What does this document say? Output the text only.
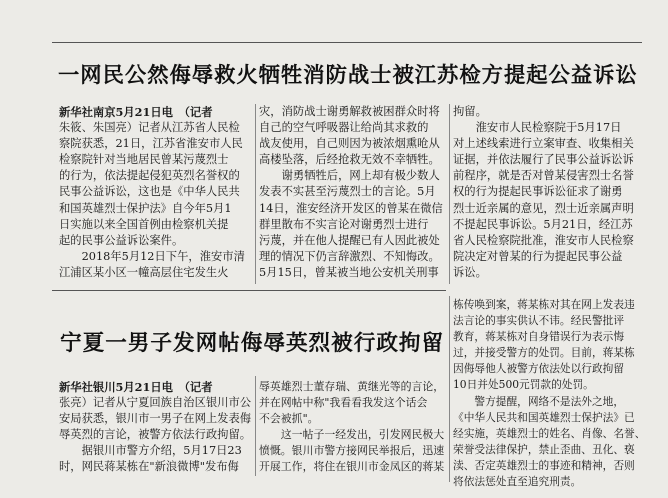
一网民公然侮辱救火牺牲消防战士被江苏检方提起公益诉讼

新华社南京5月21日电　（记者

朱筱、朱国亮）记者从江苏省人民检

察院获悉，21日，江苏省淮安市人民

检察院针对当地居民曾某污蔑烈士

的行为，依法提起侵犯英烈名誉权的

民事公益诉讼，这也是《中华人民共

和国英雄烈士保护法》自今年5月1

日实施以来全国首例由检察机关提

起的民事公益诉讼案件。

　　2018年5月12日下午，淮安市清

江浦区某小区一幢高层住宅发生火

灾，消防战士谢勇解救被困群众时将

自己的空气呼吸器让给尚其求救的

战友使用，自己则因为被浓烟熏呛从

高楼坠落，后经抢救无效不幸牺牲。

　　谢勇牺牲后，网上却有极少数人

发表不实甚至污蔑烈士的言论。5月

14日，淮安经济开发区的曾某在微信

群里散布不实言论对谢勇烈士进行

污蔑，并在他人提醒已有人因此被处

理的情况下仍言辞激烈、不知悔改。

5月15日，曾某被当地公安机关刑事

拘留。

　　淮安市人民检察院于5月17日

对上述线索进行立案审查、收集相关

证据，并依法履行了民事公益诉讼诉

前程序，就是否对曾某侵害烈士名誉

权的行为提起民事诉讼征求了谢勇

烈士近亲属的意见，烈士近亲属声明

不提起民事诉讼。5月21日，经江苏

省人民检察院批准，淮安市人民检察

院决定对曾某的行为提起民事公益

诉讼。

宁夏一男子发网帖侮辱英烈被行政拘留

新华社银川5月21日电　（记者

张亮）记者从宁夏回族自治区银川市公

安局获悉，银川市一男子在网上发表侮

辱英烈的言论，被警方依法行政拘留。

　　据银川市警方介绍，5月17日23

时，网民蒋某栋在"新浪微博"发布侮

辱英雄烈士董存瑞、黄继光等的言论，

并在网帖中称"我看看我发这个话会

不会被抓"。

　　这一帖子一经发出，引发网民极大

愤慨。银川市警方接网民举报后，迅速

开展工作，将住在银川市金凤区的蒋某

栋传唤到案，蒋某栋对其在网上发表违

法言论的事实供认不讳。经民警批评

教育，蒋某栋对自身错误行为表示悔

过，并接受警方的处罚。目前，蒋某栋

因侮辱他人被警方依法处以行政拘留

10日并处500元罚款的处罚。

　　警方提醒，网络不是法外之地，

《中华人民共和国英雄烈士保护法》已

经实施，英雄烈士的姓名、肖像、名誉、

荣誉受法律保护，禁止歪曲、丑化、亵

渎、否定英雄烈士的事迹和精神，否则

将依法惩处直至追究刑责。
